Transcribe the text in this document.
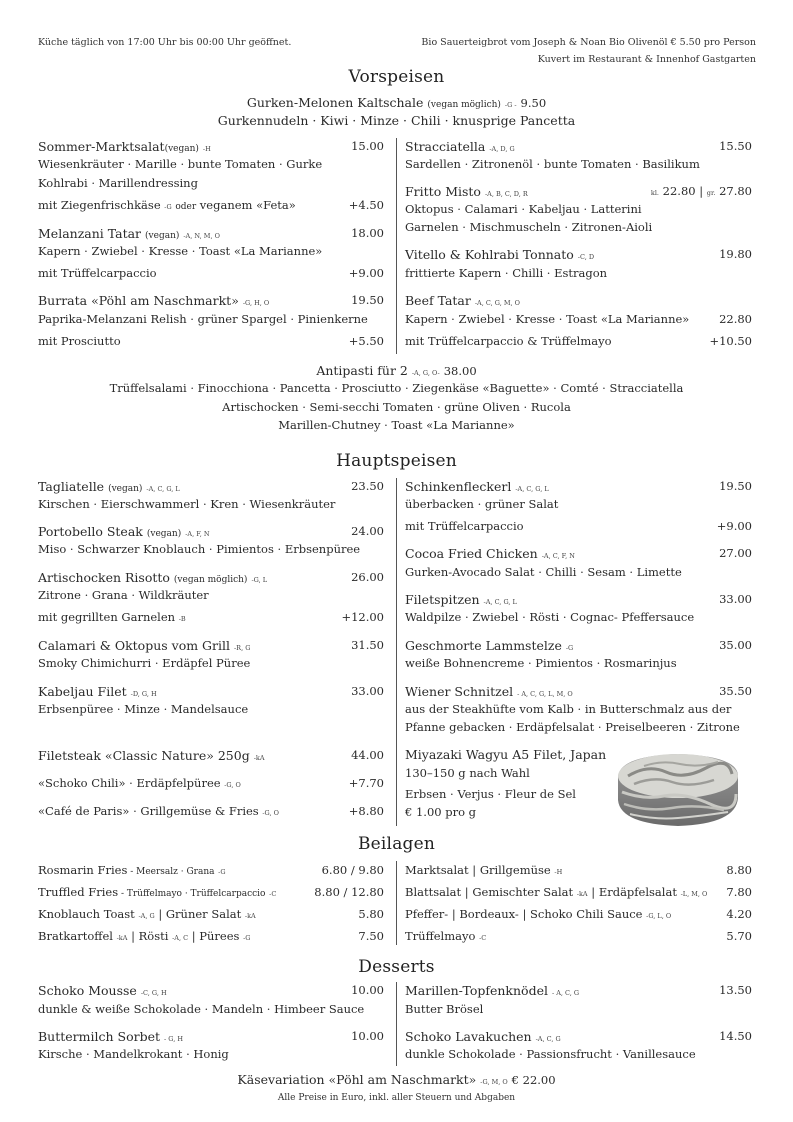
Küche täglich von 17:00 Uhr bis 00:00 Uhr geöffnet.	Bio Sauerteigbrot vom Joseph & Noan Bio Olivenöl € 5.50 pro Person
Kuvert im Restaurant & Innenhof Gastgarten
Vorspeisen
Gurken-Melonen Kaltschale (vegan möglich) -G - 9.50
Gurkennudeln · Kiwi · Minze · Chili · knusprige Pancetta
Sommer-Marktsalat(vegan) -H	15.00
Wiesenkräuter · Marille · bunte Tomaten · Gurke
Kohlrabi · Marillendressing
mit Ziegenfrischkäse -G oder veganem «Feta»	+4.50
Melanzani Tatar (vegan) -A, N, M, O	18.00
Kapern · Zwiebel · Kresse · Toast «La Marianne»
mit Trüffelcarpaccio	+9.00
Burrata «Pöhl am Naschmarkt» -G, H, O	19.50
Paprika-Melanzani Relish · grüner Spargel · Pinienkerne
mit Prosciutto	+5.50
Stracciatella -A, D, G	15.50
Sardellen · Zitronenöl · bunte Tomaten · Basilikum
Fritto Misto -A, B, C, D, R	kl. 22.80 | gr. 27.80
Oktopus · Calamari · Kabeljau · Latterini
Garnelen · Mischmuscheln · Zitronen-Aioli
Vitello & Kohlrabi Tonnato -C, D	19.80
frittierte Kapern · Chilli · Estragon
Beef Tatar -A, C, G, M, O
Kapern · Zwiebel · Kresse · Toast «La Marianne»	22.80
mit Trüffelcarpaccio & Trüffelmayo	+10.50
Antipasti für 2 -A, G, O- 38.00
Trüffelsalami · Finocchiona · Pancetta · Prosciutto · Ziegenkäse «Baguette» · Comté · Stracciatella
Artischocken · Semi-secchi Tomaten · grüne Oliven · Rucola
Marillen-Chutney · Toast «La Marianne»
Hauptspeisen
Tagliatelle (vegan) -A, C, G, L	23.50
Kirschen · Eierschwammerl · Kren · Wiesenkräuter
Portobello Steak (vegan) -A, F, N	24.00
Miso · Schwarzer Knoblauch · Pimientos · Erbsenpüree
Artischocken Risotto (vegan möglich) -G, L	26.00
Zitrone · Grana · Wildkräuter
mit gegrillten Garnelen -B	+12.00
Calamari & Oktopus vom Grill -R, G	31.50
Smoky Chimichurri · Erdäpfel Püree
Kabeljau Filet -D, G, H	33.00
Erbsenpüree · Minze · Mandelsauce
Filetsteak «Classic Nature» 250g -kA	44.00
«Schoko Chili» · Erdäpfelpüree -G, O	+7.70
«Café de Paris» · Grillgemüse & Fries -G, O	+8.80
Schinkenfleckerl -A, C, G, L	19.50
überbacken · grüner Salat
mit Trüffelcarpaccio	+9.00
Cocoa Fried Chicken -A, C, F, N	27.00
Gurken-Avocado Salat · Chilli · Sesam · Limette
Filetspitzen -A, C, G, L	33.00
Waldpilze · Zwiebel · Rösti · Cognac- Pfeffersauce
Geschmorte Lammstelze -G	35.00
weiße Bohnencreme · Pimientos · Rosmarinjus
Wiener Schnitzel - A, C, G, L, M, O	35.50
aus der Steakhüfte vom Kalb · in Butterschmalz aus der
Pfanne gebacken · Erdäpfelsalat · Preiselbeeren · Zitrone
Miyazaki Wagyu A5 Filet, Japan
130–150 g nach Wahl
Erbsen · Verjus · Fleur de Sel
€ 1.00 pro g
Beilagen
Rosmarin Fries - Meersalz · Grana -G	6.80 / 9.80
Truffled Fries - Trüffelmayo · Trüffelcarpaccio -C	8.80 / 12.80
Knoblauch Toast -A, G | Grüner Salat -kA	5.80
Bratkartoffel -kA | Rösti -A, C | Pürees -G	7.50
Marktsalat | Grillgemüse -H	8.80
Blattsalat | Gemischter Salat -kA | Erdäpfelsalat -L, M, O 7.80
Pfeffer- | Bordeaux- | Schoko Chili Sauce -G, L, O	4.20
Trüffelmayo -C	5.70
Desserts
Schoko Mousse -C, G, H	10.00
dunkle & weiße Schokolade · Mandeln · Himbeer Sauce
Buttermilch Sorbet - G, H	10.00
Kirsche · Mandelkrokant · Honig
Marillen-Topfenknödel - A, C, G	13.50
Butter Brösel
Schoko Lavakuchen -A, C, G	14.50
dunkle Schokolade · Passionsfrucht · Vanillesauce
Käsevariation «Pöhl am Naschmarkt» -G, M, O € 22.00
Alle Preise in Euro, inkl. aller Steuern und Abgaben
